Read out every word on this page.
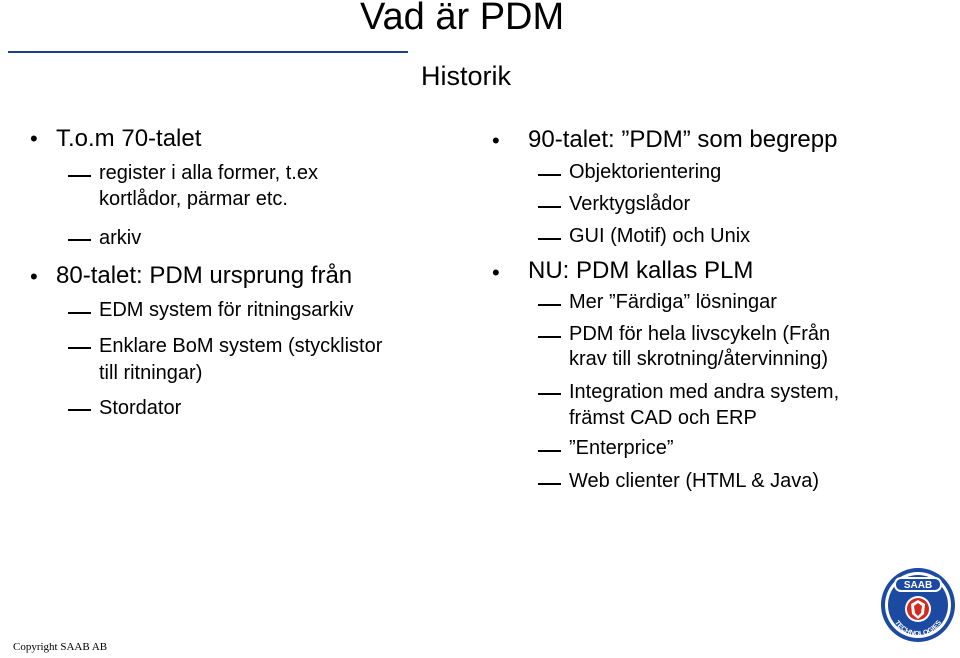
Vad är PDM
Historik
• T.o.m 70-talet
register i alla former, t.ex
kortlådor, pärmar etc.
arkiv
• 80-talet: PDM ursprung från
EDM system för ritningsarkiv
Enklare BoM system (stycklistor
till ritningar)
Stordator
• 90-talet: ”PDM” som begrepp
Objektorientering
Verktygslådor
GUI (Motif) och Unix
• NU: PDM kallas PLM
Mer ”Färdiga” lösningar
PDM för hela livscykeln (Från
krav till skrotning/återvinning)
Integration med andra system,
främst CAD och ERP
”Enterprice”
Web clienter (HTML & Java)
Copyright SAAB AB
SAAB
TECHNOLOGIES
